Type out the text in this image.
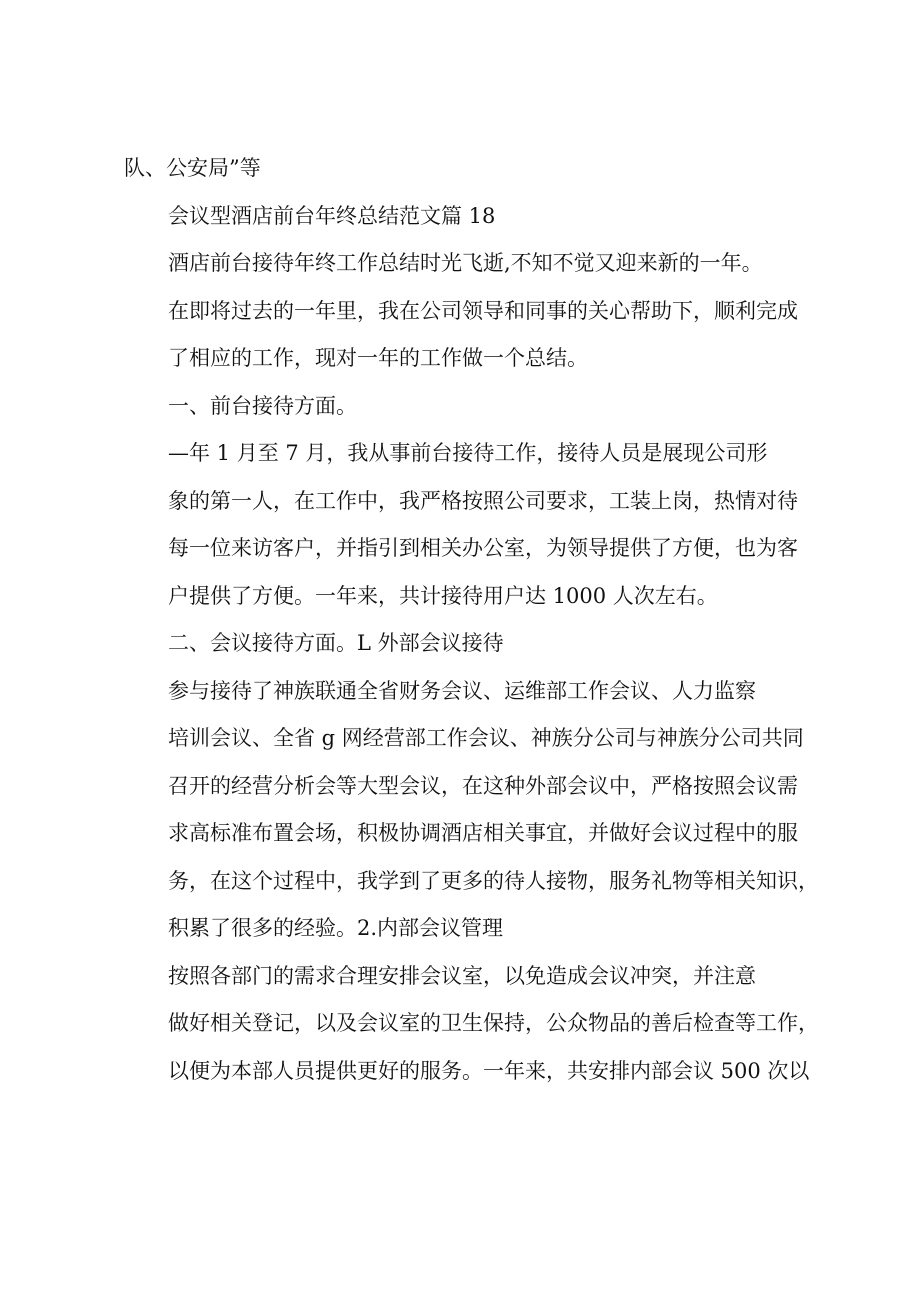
队、公安局”等

会议型酒店前台年终总结范文篇 18

酒店前台接待年终工作总结时光飞逝,不知不觉又迎来新的一年。
在即将过去的一年里，我在公司领导和同事的关心帮助下，顺利完成
了相应的工作，现对一年的工作做一个总结。

一、前台接待方面。

—年 1 月至 7 月，我从事前台接待工作，接待人员是展现公司形
象的第一人，在工作中，我严格按照公司要求，工装上岗，热情对待
每一位来访客户，并指引到相关办公室，为领导提供了方便，也为客
户提供了方便。一年来，共计接待用户达 1000 人次左右。

二、会议接待方面。L 外部会议接待

参与接待了神族联通全省财务会议、运维部工作会议、人力监察
培训会议、全省 g 网经营部工作会议、神族分公司与神族分公司共同
召开的经营分析会等大型会议，在这种外部会议中，严格按照会议需
求高标准布置会场，积极协调酒店相关事宜，并做好会议过程中的服
务，在这个过程中，我学到了更多的待人接物，服务礼物等相关知识，
积累了很多的经验。2.内部会议管理

按照各部门的需求合理安排会议室，以免造成会议冲突，并注意
做好相关登记，以及会议室的卫生保持，公众物品的善后检查等工作，
以便为本部人员提供更好的服务。一年来，共安排内部会议 500 次以
